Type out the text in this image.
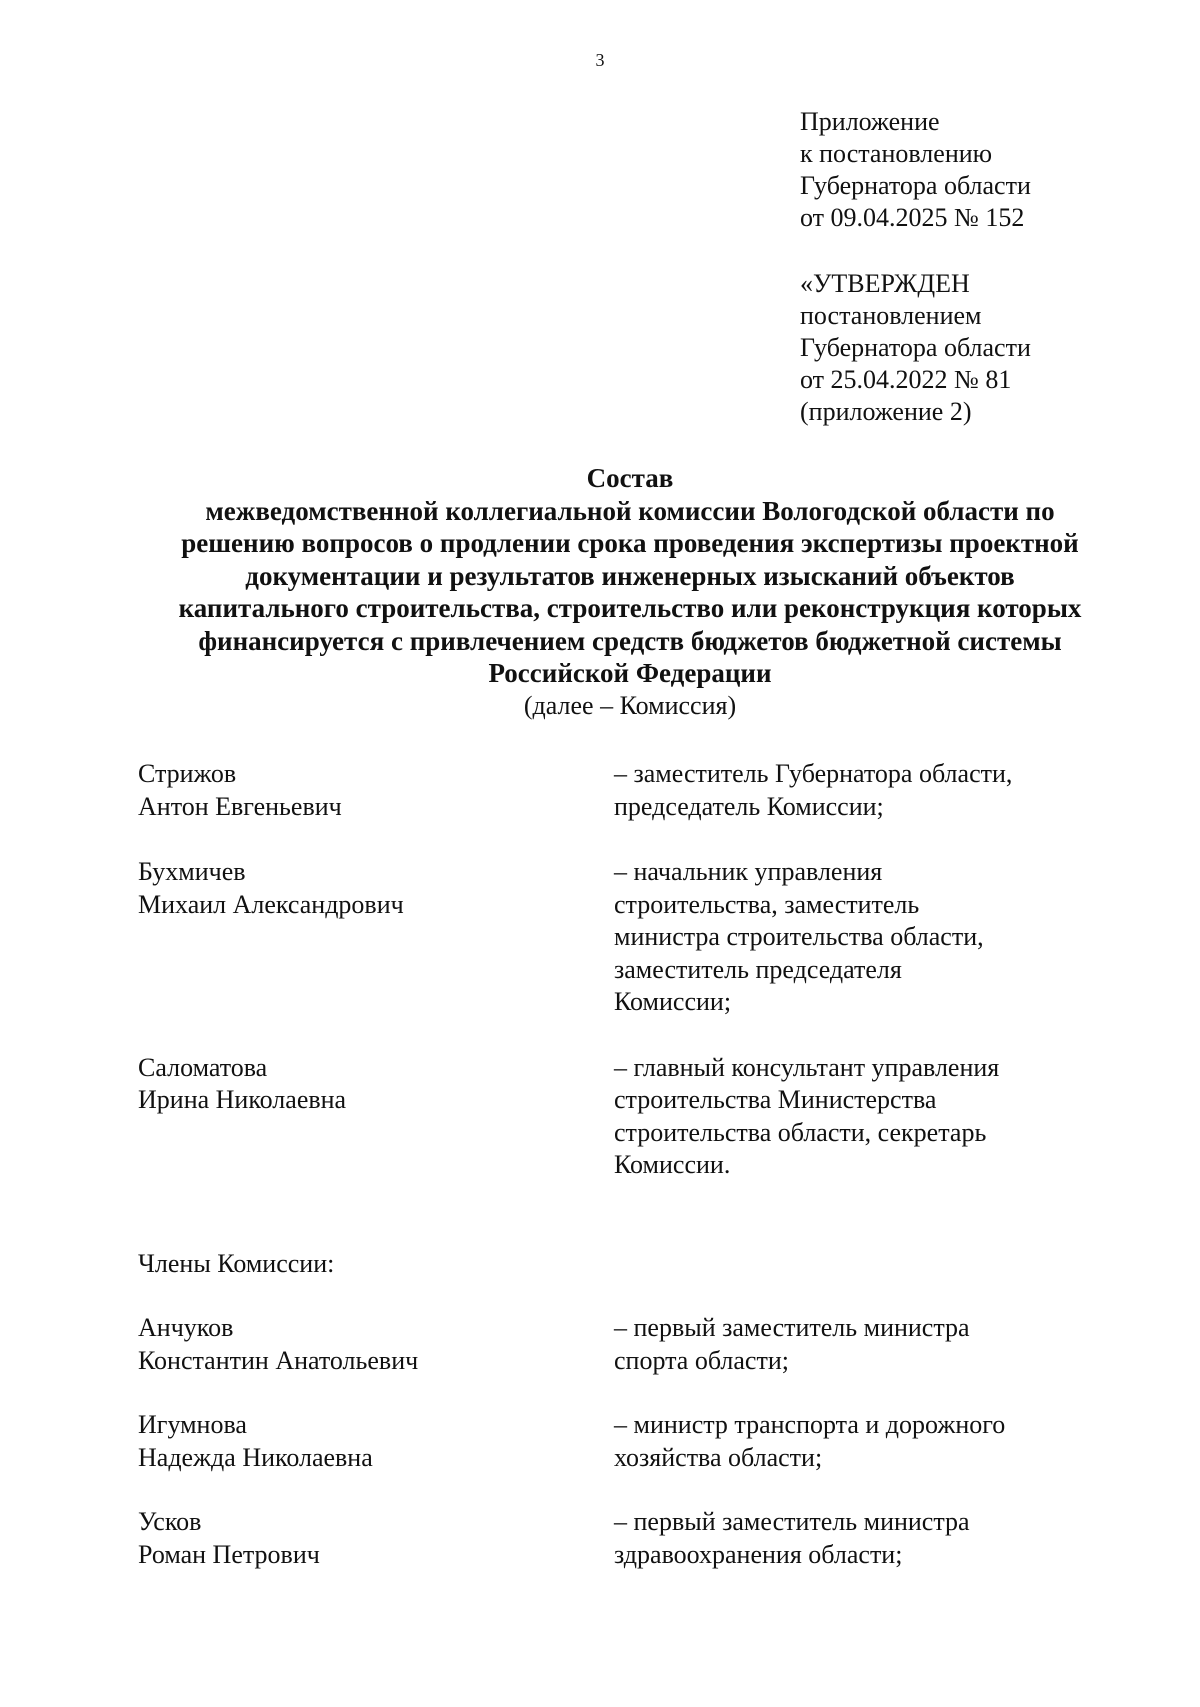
3
Приложение
к постановлению
Губернатора области
от 09.04.2025 № 152
«УТВЕРЖДЕН
постановлением
Губернатора области
от 25.04.2022 № 81
(приложение 2)
Состав
межведомственной коллегиальной комиссии Вологодской области по
решению вопросов о продлении срока проведения экспертизы проектной
документации и результатов инженерных изысканий объектов
капитального строительства, строительство или реконструкция которых
финансируется с привлечением средств бюджетов бюджетной системы
Российской Федерации
(далее – Комиссия)
Стрижов
Антон Евгеньевич
– заместитель Губернатора области,
председатель Комиссии;
Бухмичев
Михаил Александрович
– начальник управления
строительства, заместитель
министра строительства области,
заместитель председателя
Комиссии;
Саломатова
Ирина Николаевна
– главный консультант управления
строительства Министерства
строительства области, секретарь
Комиссии.
Члены Комиссии:
Анчуков
Константин Анатольевич
– первый заместитель министра
спорта области;
Игумнова
Надежда Николаевна
– министр транспорта и дорожного
хозяйства области;
Усков
Роман Петрович
– первый заместитель министра
здравоохранения области;
